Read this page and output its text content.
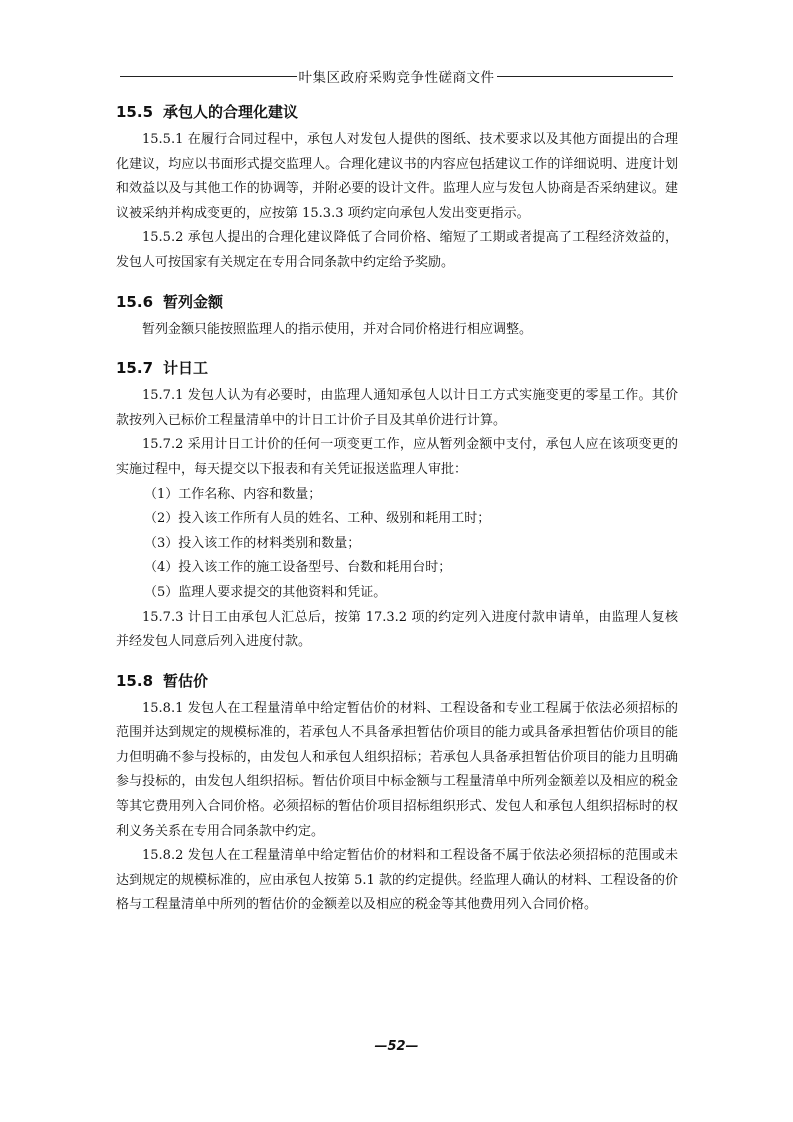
叶集区政府采购竞争性磋商文件
15.5 承包人的合理化建议

15.5.1 在履行合同过程中，承包人对发包人提供的图纸、技术要求以及其他方面提出的合理化建议，均应以书面形式提交监理人。合理化建议书的内容应包括建议工作的详细说明、进度计划和效益以及与其他工作的协调等，并附必要的设计文件。监理人应与发包人协商是否采纳建议。建议被采纳并构成变更的，应按第 15.3.3 项约定向承包人发出变更指示。

15.5.2 承包人提出的合理化建议降低了合同价格、缩短了工期或者提高了工程经济效益的，发包人可按国家有关规定在专用合同条款中约定给予奖励。

15.6 暂列金额

暂列金额只能按照监理人的指示使用，并对合同价格进行相应调整。

15.7 计日工

15.7.1 发包人认为有必要时，由监理人通知承包人以计日工方式实施变更的零星工作。其价款按列入已标价工程量清单中的计日工计价子目及其单价进行计算。

15.7.2 采用计日工计价的任何一项变更工作，应从暂列金额中支付，承包人应在该项变更的实施过程中，每天提交以下报表和有关凭证报送监理人审批：

（1）工作名称、内容和数量；

（2）投入该工作所有人员的姓名、工种、级别和耗用工时；

（3）投入该工作的材料类别和数量；

（4）投入该工作的施工设备型号、台数和耗用台时；

（5）监理人要求提交的其他资料和凭证。

15.7.3 计日工由承包人汇总后，按第 17.3.2 项的约定列入进度付款申请单，由监理人复核并经发包人同意后列入进度付款。

15.8 暂估价

15.8.1 发包人在工程量清单中给定暂估价的材料、工程设备和专业工程属于依法必须招标的范围并达到规定的规模标准的，若承包人不具备承担暂估价项目的能力或具备承担暂估价项目的能力但明确不参与投标的，由发包人和承包人组织招标；若承包人具备承担暂估价项目的能力且明确参与投标的，由发包人组织招标。暂估价项目中标金额与工程量清单中所列金额差以及相应的税金等其它费用列入合同价格。必须招标的暂估价项目招标组织形式、发包人和承包人组织招标时的权利义务关系在专用合同条款中约定。

15.8.2 发包人在工程量清单中给定暂估价的材料和工程设备不属于依法必须招标的范围或未达到规定的规模标准的，应由承包人按第 5.1 款的约定提供。经监理人确认的材料、工程设备的价格与工程量清单中所列的暂估价的金额差以及相应的税金等其他费用列入合同价格。

—52—
